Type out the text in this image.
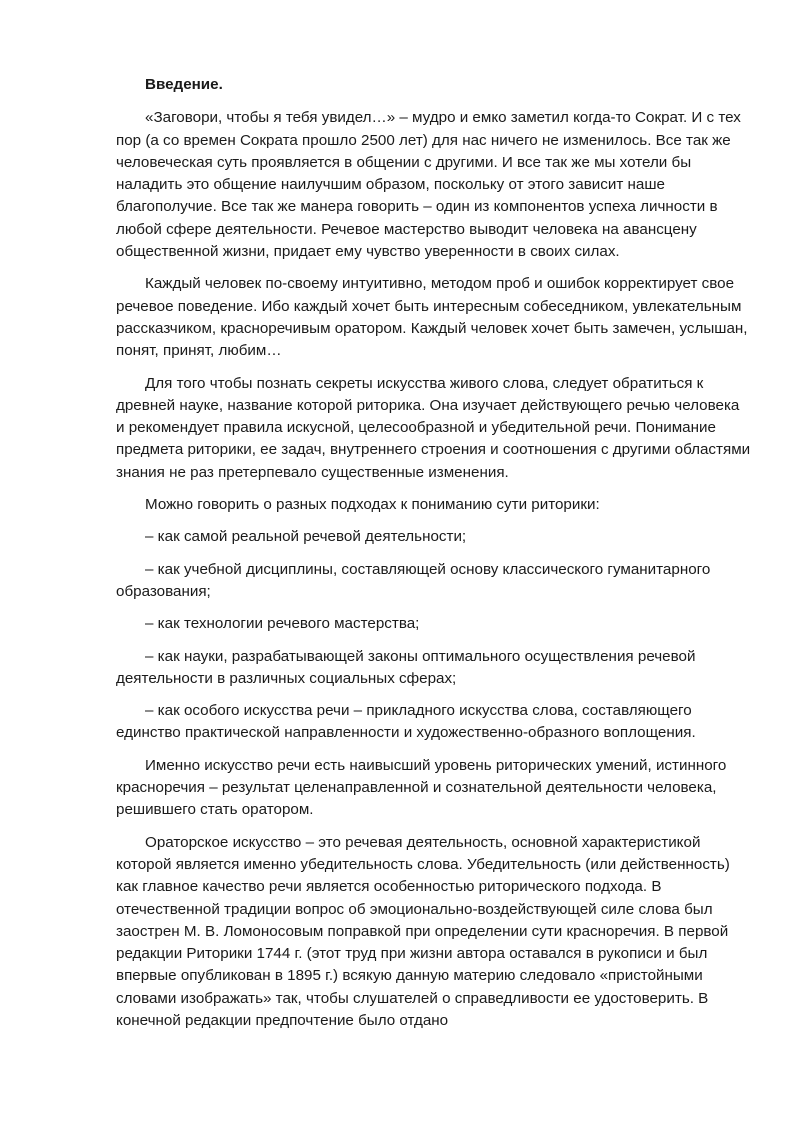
Введение.

«Заговори, чтобы я тебя увидел…» – мудро и емко заметил когда-то Сократ. И с тех пор (а со времен Сократа прошло 2500 лет) для нас ничего не изменилось. Все так же человеческая суть проявляется в общении с другими. И все так же мы хотели бы наладить это общение наилучшим образом, поскольку от этого зависит наше благополучие. Все так же манера говорить – один из компонентов успеха личности в любой сфере деятельности. Речевое мастерство выводит человека на авансцену общественной жизни, придает ему чувство уверенности в своих силах.

Каждый человек по-своему интуитивно, методом проб и ошибок корректирует свое речевое поведение. Ибо каждый хочет быть интересным собеседником, увлекательным рассказчиком, красноречивым оратором. Каждый человек хочет быть замечен, услышан, понят, принят, любим…

Для того чтобы познать секреты искусства живого слова, следует обратиться к древней науке, название которой риторика. Она изучает действующего речью человека и рекомендует правила искусной, целесообразной и убедительной речи. Понимание предмета риторики, ее задач, внутреннего строения и соотношения с другими областями знания не раз претерпевало существенные изменения.

Можно говорить о разных подходах к пониманию сути риторики:

– как самой реальной речевой деятельности;

– как учебной дисциплины, составляющей основу классического гуманитарного образования;

– как технологии речевого мастерства;

– как науки, разрабатывающей законы оптимального осуществления речевой деятельности в различных социальных сферах;

– как особого искусства речи – прикладного искусства слова, составляющего единство практической направленности и художественно-образного воплощения.

Именно искусство речи есть наивысший уровень риторических умений, истинного красноречия – результат целенаправленной и сознательной деятельности человека, решившего стать оратором.

Ораторское искусство – это речевая деятельность, основной характеристикой которой является именно убедительность слова. Убедительность (или действенность) как главное качество речи является особенностью риторического подхода. В отечественной традиции вопрос об эмоционально-воздействующей силе слова был заострен М. В. Ломоносовым поправкой при определении сути красноречия. В первой редакции Риторики 1744 г. (этот труд при жизни автора оставался в рукописи и был впервые опубликован в 1895 г.) всякую данную материю следовало «пристойными словами изображать» так, чтобы слушателей о справедливости ее удостоверить. В конечной редакции предпочтение было отдано
